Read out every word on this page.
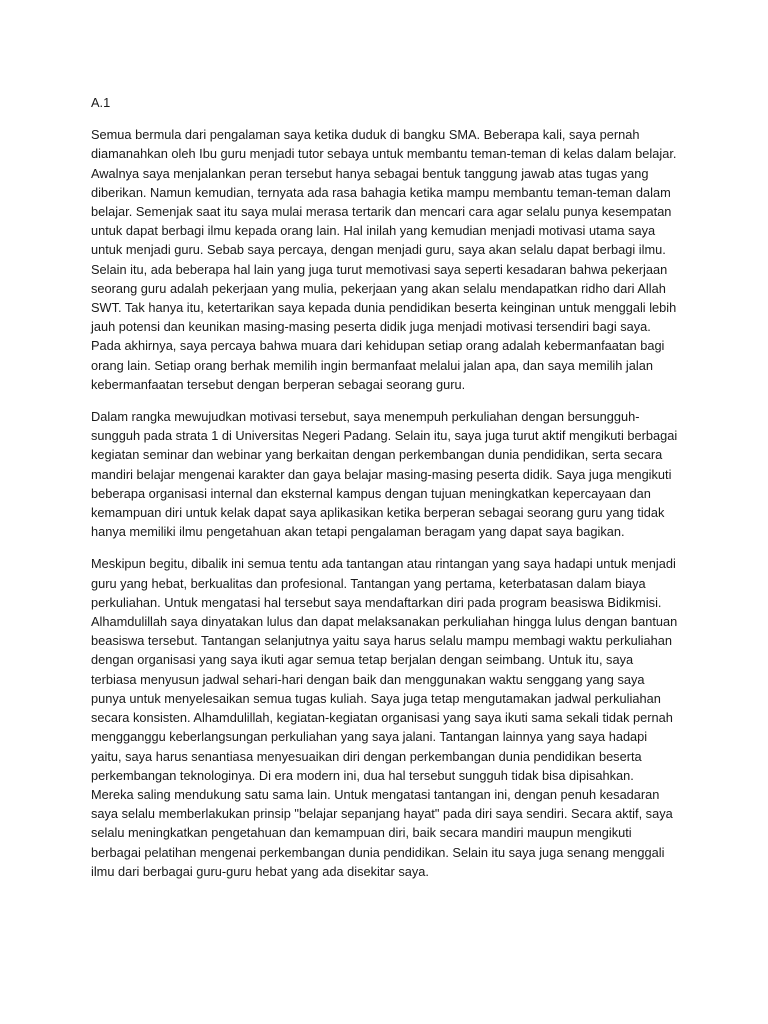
A.1

Semua bermula dari pengalaman saya ketika duduk di bangku SMA. Beberapa kali, saya pernah diamanahkan oleh Ibu guru menjadi tutor sebaya untuk membantu teman-teman di kelas dalam belajar. Awalnya saya menjalankan peran tersebut hanya sebagai bentuk tanggung jawab atas tugas yang diberikan. Namun kemudian, ternyata ada rasa bahagia ketika mampu membantu teman-teman dalam belajar. Semenjak saat itu saya mulai merasa tertarik dan mencari cara agar selalu punya kesempatan untuk dapat berbagi ilmu kepada orang lain. Hal inilah yang kemudian menjadi motivasi utama saya untuk menjadi guru. Sebab saya percaya, dengan menjadi guru, saya akan selalu dapat berbagi ilmu. Selain itu, ada beberapa hal lain yang juga turut memotivasi saya seperti kesadaran bahwa pekerjaan seorang guru adalah pekerjaan yang mulia, pekerjaan yang akan selalu mendapatkan ridho dari Allah SWT. Tak hanya itu, ketertarikan saya kepada dunia pendidikan beserta keinginan untuk menggali lebih jauh potensi dan keunikan masing-masing peserta didik juga menjadi motivasi tersendiri bagi saya. Pada akhirnya, saya percaya bahwa muara dari kehidupan setiap orang adalah kebermanfaatan bagi orang lain. Setiap orang berhak memilih ingin bermanfaat melalui jalan apa, dan saya memilih jalan kebermanfaatan tersebut dengan berperan sebagai seorang guru.

Dalam rangka mewujudkan motivasi tersebut, saya menempuh perkuliahan dengan bersungguh-sungguh pada strata 1 di Universitas Negeri Padang. Selain itu, saya juga turut aktif mengikuti berbagai kegiatan seminar dan webinar yang berkaitan dengan perkembangan dunia pendidikan, serta secara mandiri belajar mengenai karakter dan gaya belajar masing-masing peserta didik. Saya juga mengikuti beberapa organisasi internal dan eksternal kampus dengan tujuan meningkatkan kepercayaan dan kemampuan diri untuk kelak dapat saya aplikasikan ketika berperan sebagai seorang guru yang tidak hanya memiliki ilmu pengetahuan akan tetapi pengalaman beragam yang dapat saya bagikan.

Meskipun begitu, dibalik ini semua tentu ada tantangan atau rintangan yang saya hadapi untuk menjadi guru yang hebat, berkualitas dan profesional. Tantangan yang pertama, keterbatasan dalam biaya perkuliahan. Untuk mengatasi hal tersebut saya mendaftarkan diri pada program beasiswa Bidikmisi. Alhamdulillah saya dinyatakan lulus dan dapat melaksanakan perkuliahan hingga lulus dengan bantuan beasiswa tersebut. Tantangan selanjutnya yaitu saya harus selalu mampu membagi waktu perkuliahan dengan organisasi yang saya ikuti agar semua tetap berjalan dengan seimbang. Untuk itu, saya terbiasa menyusun jadwal sehari-hari dengan baik dan menggunakan waktu senggang yang saya punya untuk menyelesaikan semua tugas kuliah. Saya juga tetap mengutamakan jadwal perkuliahan secara konsisten. Alhamdulillah, kegiatan-kegiatan organisasi yang saya ikuti sama sekali tidak pernah mengganggu keberlangsungan perkuliahan yang saya jalani. Tantangan lainnya yang saya hadapi yaitu, saya harus senantiasa menyesuaikan diri dengan perkembangan dunia pendidikan beserta perkembangan teknologinya. Di era modern ini, dua hal tersebut sungguh tidak bisa dipisahkan. Mereka saling mendukung satu sama lain. Untuk mengatasi tantangan ini, dengan penuh kesadaran saya selalu memberlakukan prinsip "belajar sepanjang hayat" pada diri saya sendiri. Secara aktif, saya selalu meningkatkan pengetahuan dan kemampuan diri, baik secara mandiri maupun mengikuti berbagai pelatihan mengenai perkembangan dunia pendidikan. Selain itu saya juga senang menggali ilmu dari berbagai guru-guru hebat yang ada disekitar saya.
